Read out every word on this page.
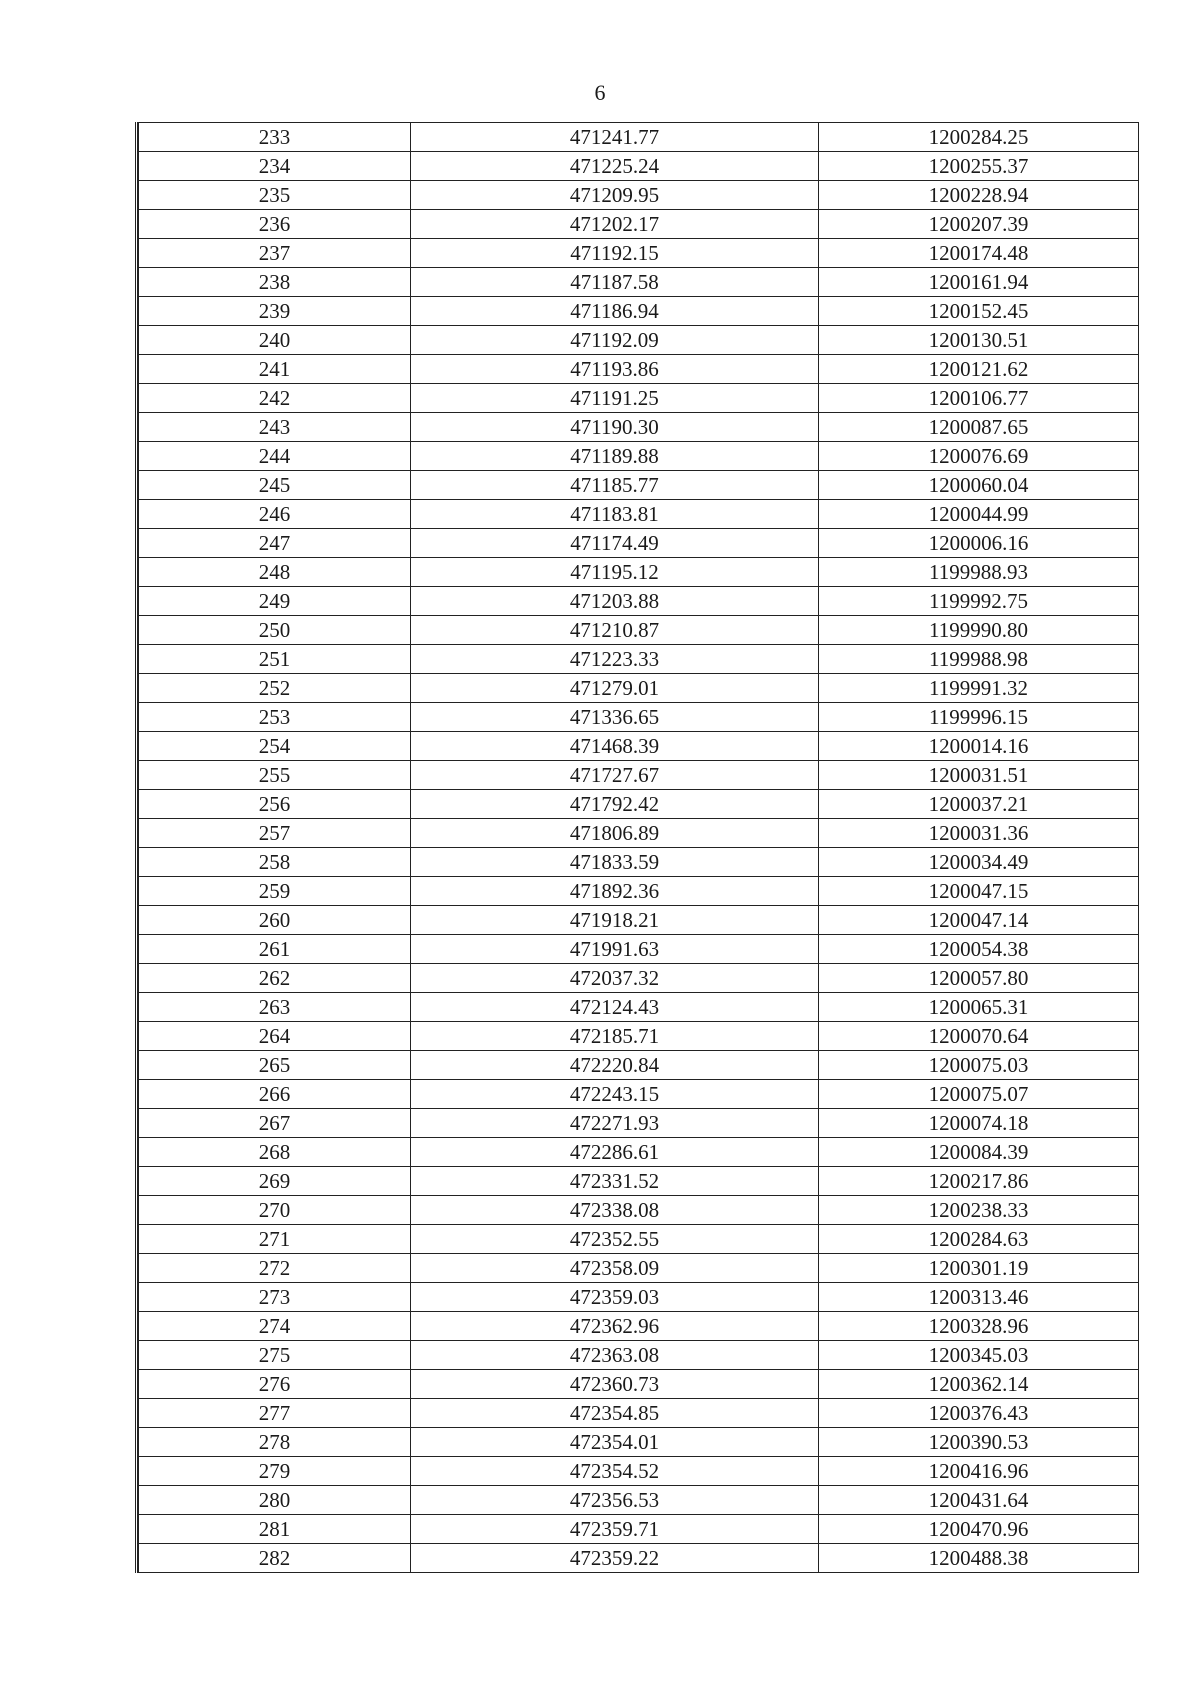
6
233	471241.77	1200284.25
234	471225.24	1200255.37
235	471209.95	1200228.94
236	471202.17	1200207.39
237	471192.15	1200174.48
238	471187.58	1200161.94
239	471186.94	1200152.45
240	471192.09	1200130.51
241	471193.86	1200121.62
242	471191.25	1200106.77
243	471190.30	1200087.65
244	471189.88	1200076.69
245	471185.77	1200060.04
246	471183.81	1200044.99
247	471174.49	1200006.16
248	471195.12	1199988.93
249	471203.88	1199992.75
250	471210.87	1199990.80
251	471223.33	1199988.98
252	471279.01	1199991.32
253	471336.65	1199996.15
254	471468.39	1200014.16
255	471727.67	1200031.51
256	471792.42	1200037.21
257	471806.89	1200031.36
258	471833.59	1200034.49
259	471892.36	1200047.15
260	471918.21	1200047.14
261	471991.63	1200054.38
262	472037.32	1200057.80
263	472124.43	1200065.31
264	472185.71	1200070.64
265	472220.84	1200075.03
266	472243.15	1200075.07
267	472271.93	1200074.18
268	472286.61	1200084.39
269	472331.52	1200217.86
270	472338.08	1200238.33
271	472352.55	1200284.63
272	472358.09	1200301.19
273	472359.03	1200313.46
274	472362.96	1200328.96
275	472363.08	1200345.03
276	472360.73	1200362.14
277	472354.85	1200376.43
278	472354.01	1200390.53
279	472354.52	1200416.96
280	472356.53	1200431.64
281	472359.71	1200470.96
282	472359.22	1200488.38
